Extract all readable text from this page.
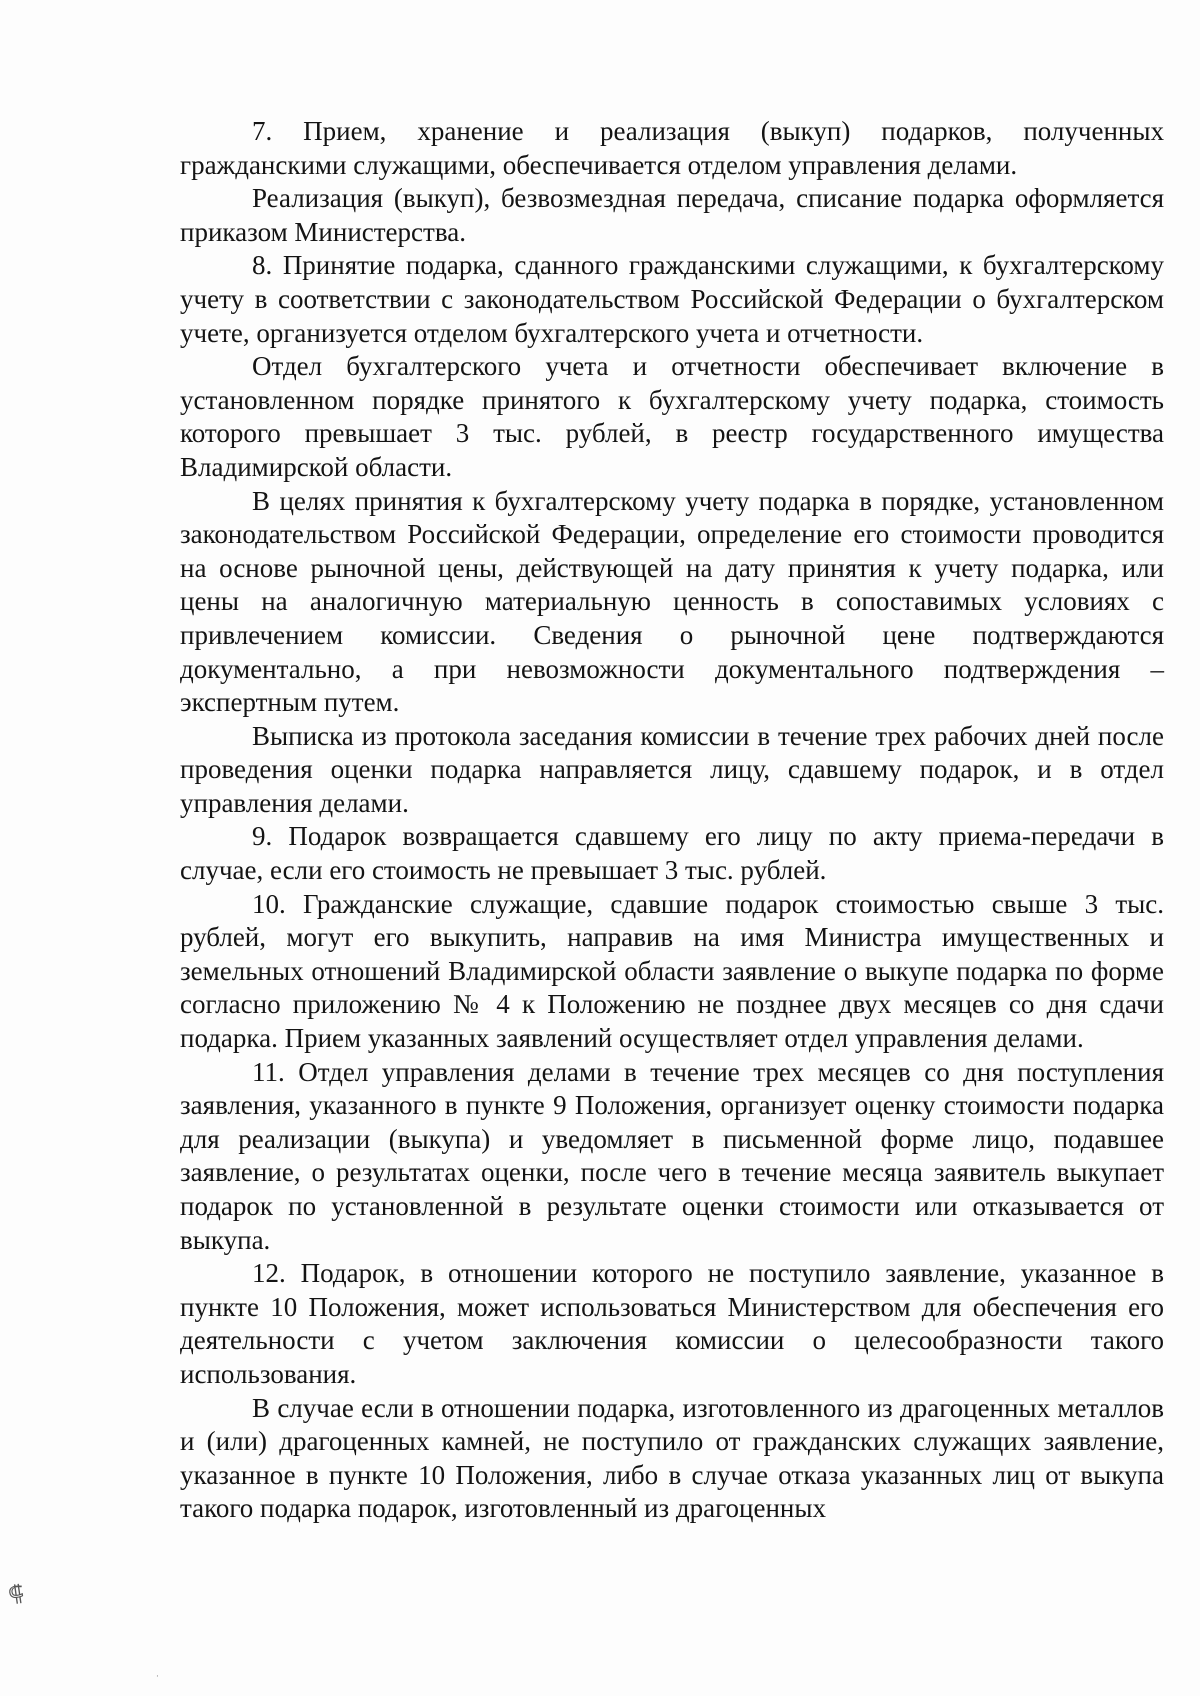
7. Прием, хранение и реализация (выкуп) подарков, полученных гражданскими служащими, обеспечивается отделом управления делами.

Реализация (выкуп), безвозмездная передача, списание подарка оформляется приказом Министерства.

8. Принятие подарка, сданного гражданскими служащими, к бухгалтерскому учету в соответствии с законодательством Российской Федерации о бухгалтерском учете, организуется отделом бухгалтерского учета и отчетности.

Отдел бухгалтерского учета и отчетности обеспечивает включение в установленном порядке принятого к бухгалтерскому учету подарка, стоимость которого превышает 3 тыс. рублей, в реестр государственного имущества Владимирской области.

В целях принятия к бухгалтерскому учету подарка в порядке, установленном законодательством Российской Федерации, определение его стоимости проводится на основе рыночной цены, действующей на дату принятия к учету подарка, или цены на аналогичную материальную ценность в сопоставимых условиях с привлечением комиссии. Сведения о рыночной цене подтверждаются документально, а при невозможности документального подтверждения – экспертным путем.

Выписка из протокола заседания комиссии в течение трех рабочих дней после проведения оценки подарка направляется лицу, сдавшему подарок, и в отдел управления делами.

9. Подарок возвращается сдавшему его лицу по акту приема-передачи в случае, если его стоимость не превышает 3 тыс. рублей.

10. Гражданские служащие, сдавшие подарок стоимостью свыше 3 тыс. рублей, могут его выкупить, направив на имя Министра имущественных и земельных отношений Владимирской области заявление о выкупе подарка по форме согласно приложению № 4 к Положению не позднее двух месяцев со дня сдачи подарка. Прием указанных заявлений осуществляет отдел управления делами.

11. Отдел управления делами в течение трех месяцев со дня поступления заявления, указанного в пункте 9 Положения, организует оценку стоимости подарка для реализации (выкупа) и уведомляет в письменной форме лицо, подавшее заявление, о результатах оценки, после чего в течение месяца заявитель выкупает подарок по установленной в результате оценки стоимости или отказывается от выкупа.

12. Подарок, в отношении которого не поступило заявление, указанное в пункте 10 Положения, может использоваться Министерством для обеспечения его деятельности с учетом заключения комиссии о целесообразности такого использования.

В случае если в отношении подарка, изготовленного из драгоценных металлов и (или) драгоценных камней, не поступило от гражданских служащих заявление, указанное в пункте 10 Положения, либо в случае отказа указанных лиц от выкупа такого подарка подарок, изготовленный из драгоценных

⸿
·
